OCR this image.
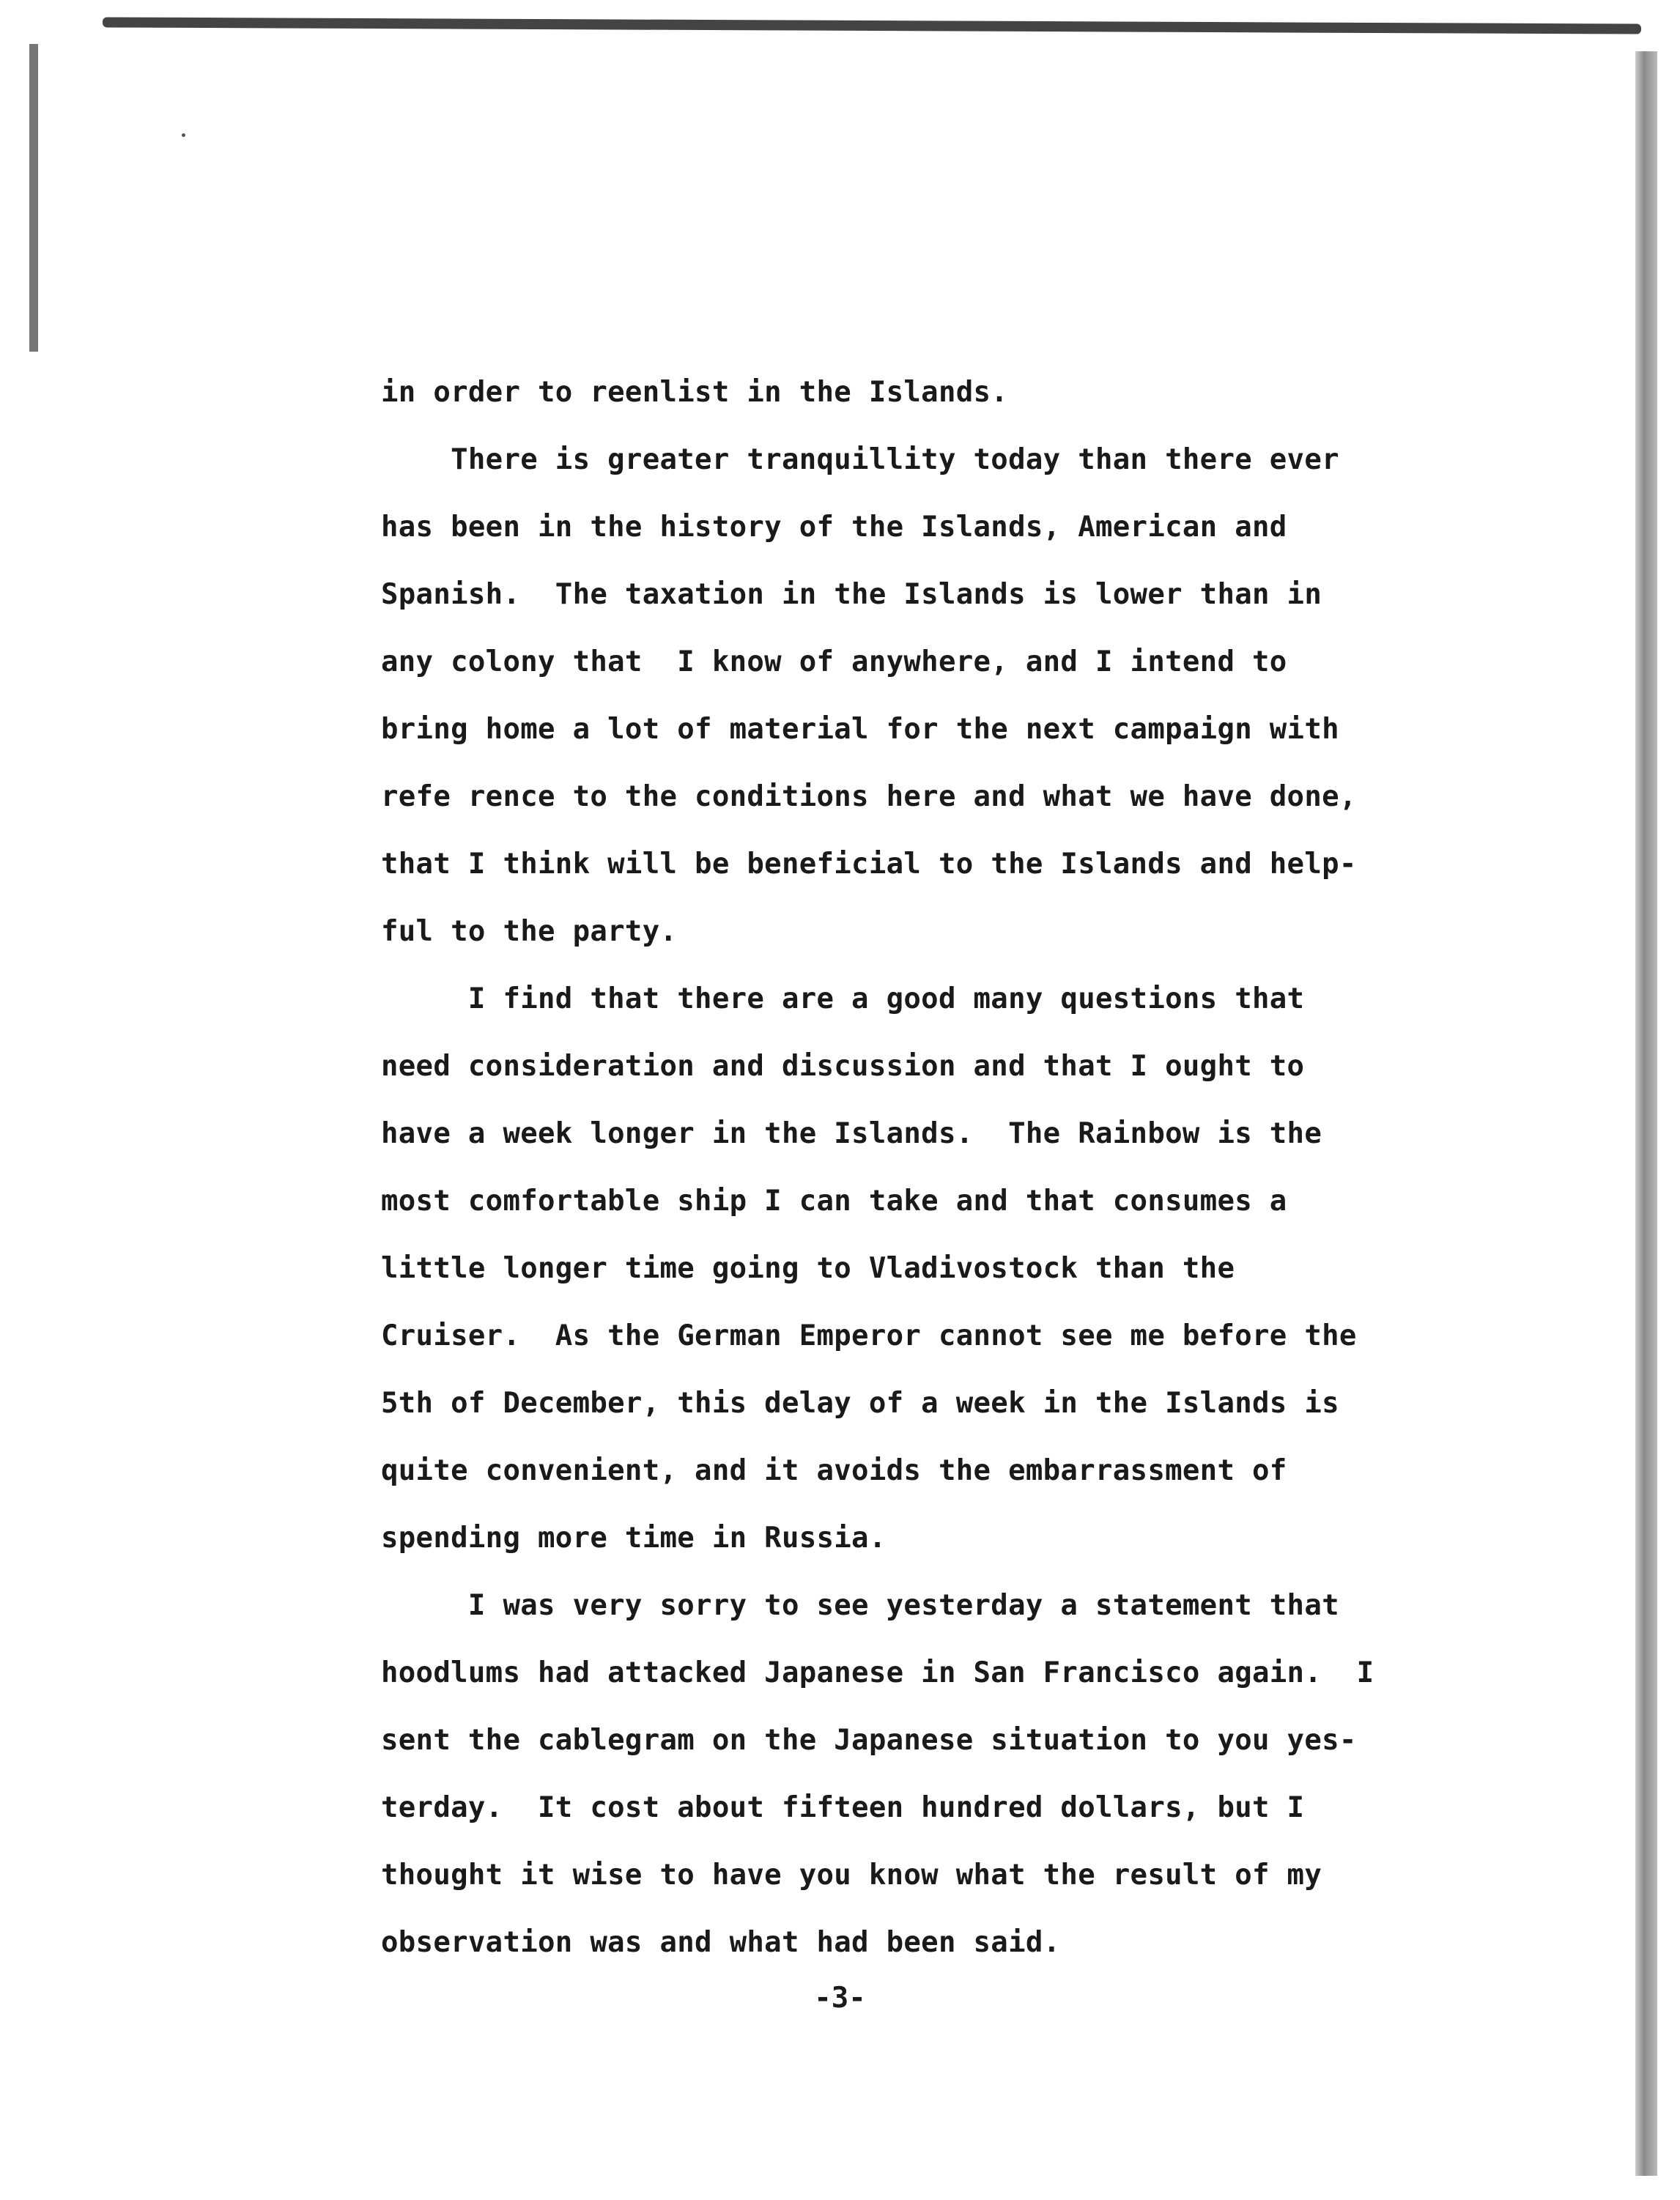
in order to reenlist in the Islands.
There is greater tranquillity today than there ever
has been in the history of the Islands, American and
Spanish.  The taxation in the Islands is lower than in
any colony that  I know of anywhere, and I intend to
bring home a lot of material for the next campaign with
refe rence to the conditions here and what we have done,
that I think will be beneficial to the Islands and help-
ful to the party.
I find that there are a good many questions that
need consideration and discussion and that I ought to
have a week longer in the Islands.  The Rainbow is the
most comfortable ship I can take and that consumes a
little longer time going to Vladivostock than the
Cruiser.  As the German Emperor cannot see me before the
5th of December, this delay of a week in the Islands is
quite convenient, and it avoids the embarrassment of
spending more time in Russia.
I was very sorry to see yesterday a statement that
hoodlums had attacked Japanese in San Francisco again.  I
sent the cablegram on the Japanese situation to you yes-
terday.  It cost about fifteen hundred dollars, but I
thought it wise to have you know what the result of my
observation was and what had been said.
-3-
